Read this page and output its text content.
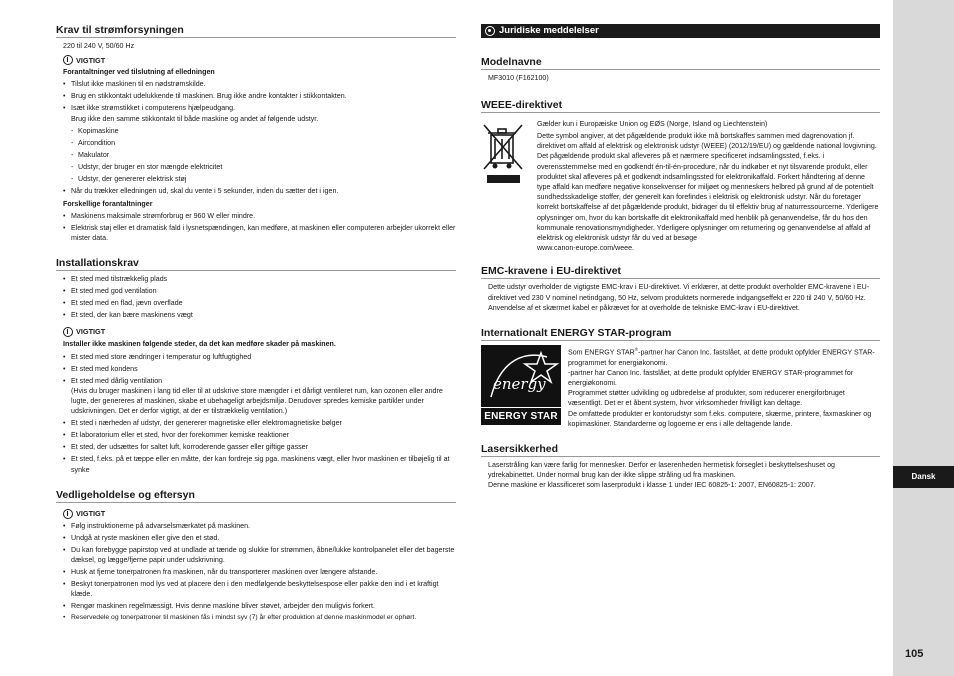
Dansk
105
Krav til strømforsyningen
220 til 240 V, 50/60 Hz
VIGTIGT
Forantaltninger ved tilslutning af elledningen
• Tilslut ikke maskinen til en nødstrømskilde.
• Brug en stikkontakt udelukkende til maskinen. Brug ikke andre kontakter i stikkontakten.
• Isæt ikke strømstikket i computerens hjælpeudgang.
Brug ikke den samme stikkontakt til både maskine og andet af følgende udstyr.
- Kopimaskine
- Aircondition
- Makulator
- Udstyr, der bruger en stor mængde elektricitet
- Udstyr, der genererer elektrisk støj
• Når du trækker elledningen ud, skal du vente i 5 sekunder, inden du sætter det i igen.
Forskellige forantaltninger
• Maskinens maksimale strømforbrug er 960 W eller mindre.
• Elektrisk støj eller et dramatisk fald i lysnetspændingen, kan medføre, at maskinen eller computeren arbejder ukorrekt eller mister data.
Installationskrav
• Et sted med tilstrækkelig plads
• Et sted med god ventilation
• Et sted med en flad, jævn overflade
• Et sted, der kan bære maskinens vægt
VIGTIGT
Installer ikke maskinen følgende steder, da det kan medføre skader på maskinen.
• Et sted med store ændringer i temperatur og luftfugtighed
• Et sted med kondens
• Et sted med dårlig ventilation
(Hvis du bruger maskinen i lang tid eller til at udskrive store mængder i et dårligt ventileret rum, kan ozonen eller andre lugte, der genereres af maskinen, skabe et ubehageligt arbejdsmiljø. Derudover spredes kemiske partikler under udskrivningen. Det er derfor vigtigt, at der er tilstrækkelig ventilation.)
• Et sted i nærheden af udstyr, der genererer magnetiske eller elektromagnetiske bølger
• Et laboratorium eller et sted, hvor der forekommer kemiske reaktioner
• Et sted, der udsættes for saltet luft, korroderende gasser eller giftige gasser
• Et sted, f.eks. på et tæppe eller en måtte, der kan fordreje sig pga. maskinens vægt, eller hvor maskinen er tilbøjelig til at synke
Vedligeholdelse og eftersyn
VIGTIGT
• Følg instruktionerne på advarselsmærkatet på maskinen.
• Undgå at ryste maskinen eller give den et stød.
• Du kan forebygge papirstop ved at undlade at tænde og slukke for strømmen, åbne/lukke kontrolpanelet eller det bagerste dæksel, og lægge/fjerne papir under udskrivning.
• Husk at fjerne tonerpatronen fra maskinen, når du transporterer maskinen over længere afstande.
• Beskyt tonerpatronen mod lys ved at placere den i den medfølgende beskyttelsespose eller pakke den ind i et kraftigt klæde.
• Rengør maskinen regelmæssigt. Hvis denne maskine bliver støvet, arbejder den muligvis forkert.
• Reservedele og tonerpatroner til maskinen fås i mindst syv (7) år efter produktion af denne maskinmodel er ophørt.
Juridiske meddelelser
Modelnavne
MF3010 (F162100)
WEEE-direktivet
Gælder kun i Europæiske Union og EØS (Norge, Island og Liechtenstein)
Dette symbol angiver, at det pågældende produkt ikke må bortskaffes sammen med dagrenovation jf. direktivet om affald af elektrisk og elektronisk udstyr (WEEE) (2012/19/EU) og gældende national lovgivning. Det pågældende produkt skal afleveres på et nærmere specificeret indsamlingssted, f.eks. i overensstemmelse med en godkendt én-til-én-procedure, når du indkøber et nyt tilsvarende produkt, eller produktet skal afleveres på et godkendt indsamlingssted for elektronikaffald. Forkert håndtering af denne type affald kan medføre negative konsekvenser for miljøet og menneskers helbred på grund af de potentielt sundhedsskadelige stoffer, der generelt kan forefindes i elektrisk og elektronisk udstyr. Når du foretager korrekt bortskaffelse af det pågældende produkt, bidrager du til effektiv brug af naturressourcerne. Yderligere oplysninger om, hvor du kan bortskaffe dit elektronikaffald med henblik på genanvendelse, får du hos den kommunale renovationsmyndigheder. Yderligere oplysninger om returnering og genanvendelse af affald af elektrisk og elektronisk udstyr får du ved at besøge
www.canon-europe.com/weee.
EMC-kravene i EU-direktivet
Dette udstyr overholder de vigtigste EMC-krav i EU-direktivet. Vi erklærer, at dette produkt overholder EMC-kravene i EU-direktivet ved 230 V nominel netindgang, 50 Hz, selvom produktets normerede indgangseffekt er 220 til 240 V, 50/60 Hz. Anvendelse af et skærmet kabel er påkrævet for at overholde de tekniske EMC-krav i EU-direktivet.
Internationalt ENERGY STAR-program
energy
ENERGY STAR
Som ENERGY STAR®-partner har Canon Inc. fastslået, at dette produkt opfylder ENERGY STAR-programmet for energiøkonomi.
-partner har Canon Inc. fastslået, at dette produkt opfylder ENERGY STAR-programmet for energiøkonomi.
Programmet støtter udvikling og udbredelse af produkter, som reducerer energiforbruget væsentligt. Det er et åbent system, hvor virksomheder frivilligt kan deltage.
De omfattede produkter er kontorudstyr som f.eks. computere, skærme, printere, faxmaskiner og kopimaskiner. Standarderne og logoerne er ens i alle deltagende lande.
Lasersikkerhed
Laserstråling kan være farlig for mennesker. Derfor er laserenheden hermetisk forseglet i beskyttelseshuset og ydrekabinettet. Under normal brug kan der ikke slippe stråling ud fra maskinen.
Denne maskine er klassificeret som laserprodukt i klasse 1 under IEC 60825-1: 2007, EN60825-1: 2007.
